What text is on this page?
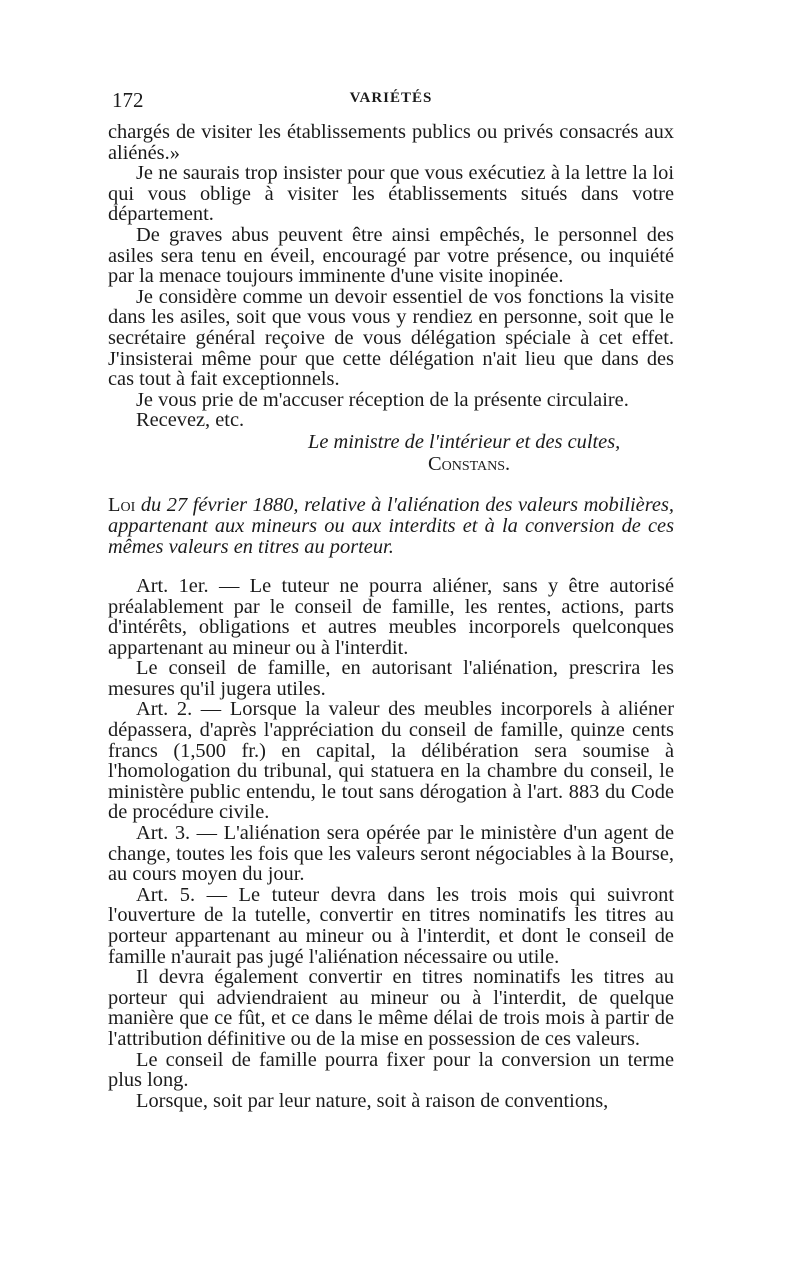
172	VARIÉTÉS

chargés de visiter les établissements publics ou privés consacrés aux aliénés.»

Je ne saurais trop insister pour que vous exécutiez à la lettre la loi qui vous oblige à visiter les établissements situés dans votre département.

De graves abus peuvent être ainsi empêchés, le personnel des asiles sera tenu en éveil, encouragé par votre présence, ou inquiété par la menace toujours imminente d'une visite inopinée.

Je considère comme un devoir essentiel de vos fonctions la visite dans les asiles, soit que vous vous y rendiez en personne, soit que le secrétaire général reçoive de vous délégation spéciale à cet effet. J'insisterai même pour que cette délégation n'ait lieu que dans des cas tout à fait exceptionnels.

Je vous prie de m'accuser réception de la présente circulaire.

Recevez, etc.

Le ministre de l'intérieur et des cultes,

Constans.

Loi du 27 février 1880, relative à l'aliénation des valeurs mobilières, appartenant aux mineurs ou aux interdits et à la conversion de ces mêmes valeurs en titres au porteur.

Art. 1er. — Le tuteur ne pourra aliéner, sans y être autorisé préalablement par le conseil de famille, les rentes, actions, parts d'intérêts, obligations et autres meubles incorporels quelconques appartenant au mineur ou à l'interdit.

Le conseil de famille, en autorisant l'aliénation, prescrira les mesures qu'il jugera utiles.

Art. 2. — Lorsque la valeur des meubles incorporels à aliéner dépassera, d'après l'appréciation du conseil de famille, quinze cents francs (1,500 fr.) en capital, la délibération sera soumise à l'homologation du tribunal, qui statuera en la chambre du conseil, le ministère public entendu, le tout sans dérogation à l'art. 883 du Code de procédure civile.

Art. 3. — L'aliénation sera opérée par le ministère d'un agent de change, toutes les fois que les valeurs seront négociables à la Bourse, au cours moyen du jour.

Art. 5. — Le tuteur devra dans les trois mois qui suivront l'ouverture de la tutelle, convertir en titres nominatifs les titres au porteur appartenant au mineur ou à l'interdit, et dont le conseil de famille n'aurait pas jugé l'aliénation nécessaire ou utile.

Il devra également convertir en titres nominatifs les titres au porteur qui adviendraient au mineur ou à l'interdit, de quelque manière que ce fût, et ce dans le même délai de trois mois à partir de l'attribution définitive ou de la mise en possession de ces valeurs.

Le conseil de famille pourra fixer pour la conversion un terme plus long.

Lorsque, soit par leur nature, soit à raison de conventions,
